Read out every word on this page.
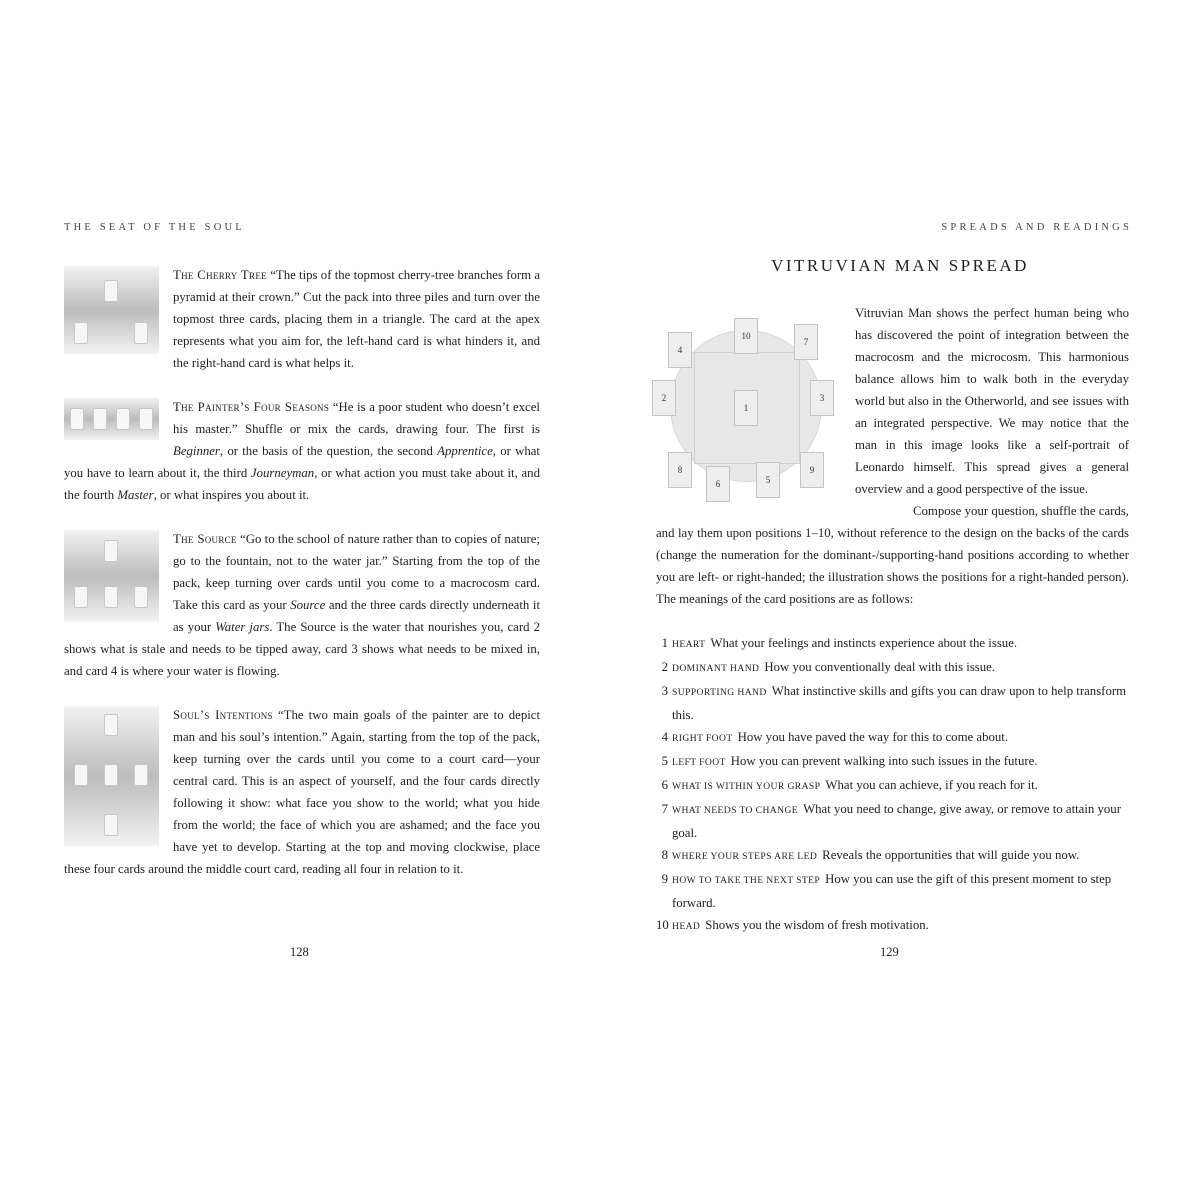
THE SEAT OF THE SOUL

The Cherry Tree “The tips of the topmost cherry-tree branches form a pyramid at their crown.” Cut the pack into three piles and turn over the topmost three cards, placing them in a triangle. The card at the apex represents what you aim for, the left-hand card is what hinders it, and the right-hand card is what helps it.

The Painter’s Four Seasons “He is a poor student who doesn’t excel his master.” Shuffle or mix the cards, drawing four. The first is Beginner, or the basis of the question, the second Apprentice, or what you have to learn about it, the third Journeyman, or what action you must take about it, and the fourth Master, or what inspires you about it.

The Source “Go to the school of nature rather than to copies of nature; go to the fountain, not to the water jar.” Starting from the top of the pack, keep turning over cards until you come to a macrocosm card. Take this card as your Source and the three cards directly underneath it as your Water jars. The Source is the water that nourishes you, card 2 shows what is stale and needs to be tipped away, card 3 shows what needs to be mixed in, and card 4 is where your water is flowing.

Soul’s Intentions “The two main goals of the painter are to depict man and his soul’s intention.” Again, starting from the top of the pack, keep turning over the cards until you come to a court card—your central card. This is an aspect of yourself, and the four cards directly following it show: what face you show to the world; what you hide from the world; the face of which you are ashamed; and the face you have yet to develop. Starting at the top and moving clockwise, place these four cards around the middle court card, reading all four in relation to it.

128
SPREADS AND READINGS
VITRUVIAN MAN SPREAD
10
4
7
2
1
3
8
6	5
9

Vitruvian Man shows the perfect human being who has discovered the point of integration between the macrocosm and the microcosm. This harmonious balance allows him to walk both in the everyday world but also in the Otherworld, and see issues with an integrated perspective. We may notice that the man in this image looks like a self-portrait of Leonardo himself. This spread gives a general overview and a good perspective of the issue.

Compose your question, shuffle the cards, and lay them upon positions 1–10, without reference to the design on the backs of the cards (change the numeration for the dominant-/supporting-hand positions according to whether you are left- or right-handed; the illustration shows the positions for a right-handed person). The meanings of the card positions are as follows:

1 HEART What your feelings and instincts experience about the issue.
2 DOMINANT HAND How you conventionally deal with this issue.
3 SUPPORTING HAND What instinctive skills and gifts you can draw upon to help transform this.
4 RIGHT FOOT How you have paved the way for this to come about.
5 LEFT FOOT How you can prevent walking into such issues in the future.
6 WHAT IS WITHIN YOUR GRASP What you can achieve, if you reach for it.
7 WHAT NEEDS TO CHANGE What you need to change, give away, or remove to attain your goal.
8 WHERE YOUR STEPS ARE LED Reveals the opportunities that will guide you now.
9 HOW TO TAKE THE NEXT STEP How you can use the gift of this present moment to step forward.
10 HEAD Shows you the wisdom of fresh motivation.
129
